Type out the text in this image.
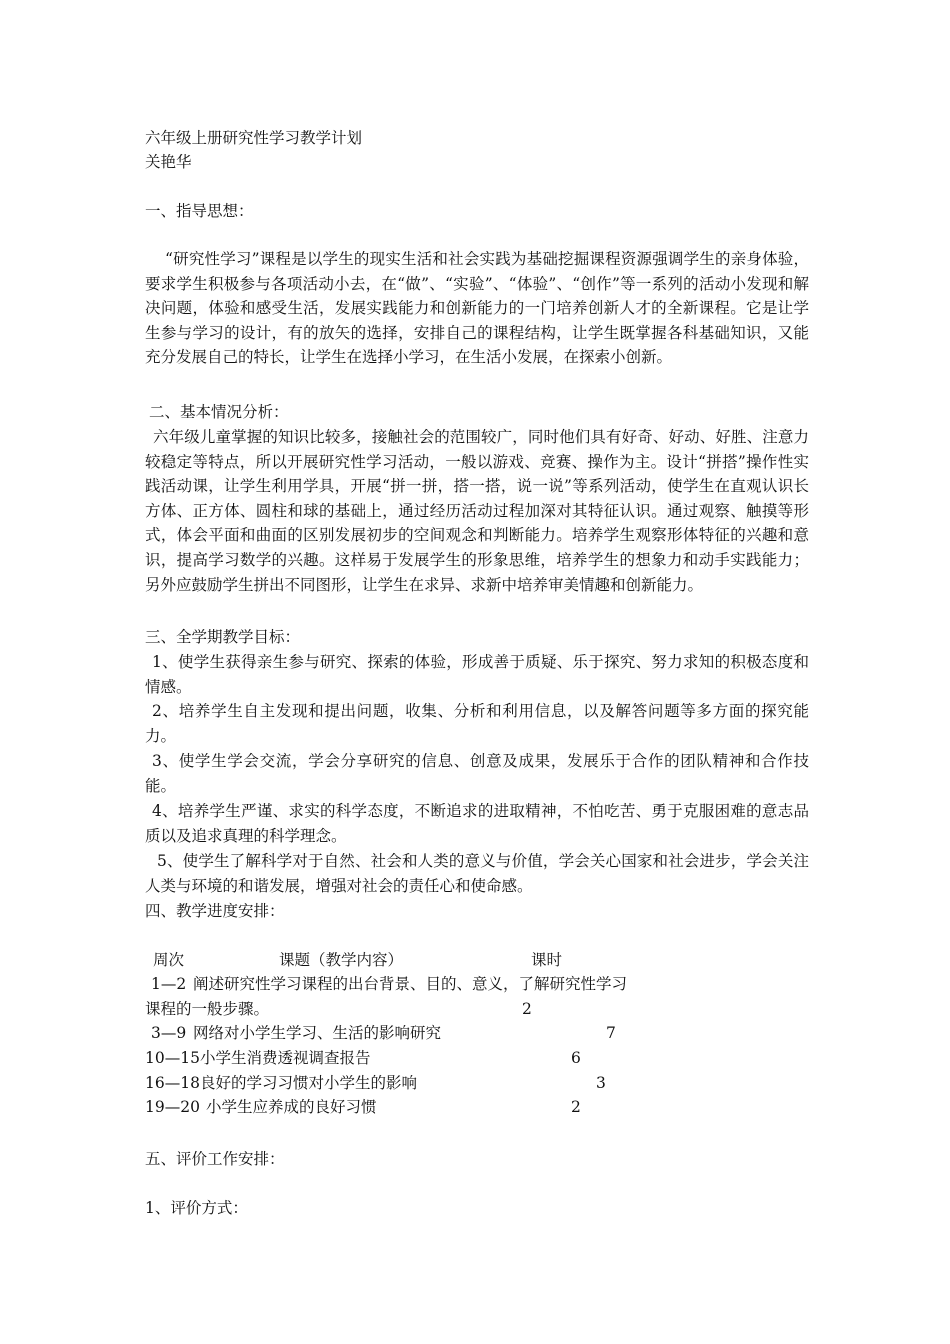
六年级上册研究性学习教学计划
关艳华
一、指导思想：

“研究性学习”课程是以学生的现实生活和社会实践为基础挖掘课程资源强调学生的亲身体验，要求学生积极参与各项活动小去，在“做”、“实验”、“体验”、“创作”等一系列的活动小发现和解决问题，体验和感受生活，发展实践能力和创新能力的一门培养创新人才的全新课程。它是让学生参与学习的设计，有的放矢的选择，安排自己的课程结构，让学生既掌握各科基础知识，又能充分发展自己的特长，让学生在选择小学习，在生活小发展，在探索小创新。

二、基本情况分析：

六年级儿童掌握的知识比较多，接触社会的范围较广，同时他们具有好奇、好动、好胜、注意力较稳定等特点，所以开展研究性学习活动，一般以游戏、竞赛、操作为主。设计“拼搭”操作性实践活动课，让学生利用学具，开展“拼一拼，搭一搭，说一说”等系列活动，使学生在直观认识长方体、正方体、圆柱和球的基础上，通过经历活动过程加深对其特征认识。通过观察、触摸等形式，体会平面和曲面的区别发展初步的空间观念和判断能力。培养学生观察形体特征的兴趣和意识，提高学习数学的兴趣。这样易于发展学生的形象思维，培养学生的想象力和动手实践能力；另外应鼓励学生拼出不同图形，让学生在求异、求新中培养审美情趣和创新能力。

三、全学期教学目标：

1、使学生获得亲生参与研究、探索的体验，形成善于质疑、乐于探究、努力求知的积极态度和情感。

2、培养学生自主发现和提出问题，收集、分析和利用信息，以及解答问题等多方面的探究能力。

3、使学生学会交流，学会分享研究的信息、创意及成果，发展乐于合作的团队精神和合作技能。

4、培养学生严谨、求实的科学态度，不断追求的进取精神，不怕吃苦、勇于克服困难的意志品质以及追求真理的科学理念。

5、使学生了解科学对于自然、社会和人类的意义与价值，学会关心国家和社会进步，学会关注人类与环境的和谐发展，增强对社会的责任心和使命感。

四、教学进度安排：
周次	课题（教学内容）	课时
1—2 阐述研究性学习课程的出台背景、目的、意义，了解研究性学习
课程的一般步骤。	2
3—9 网络对小学生学习、生活的影响研究	7
10—15 小学生消费透视调查报告	6
16—18 良好的学习习惯对小学生的影响	3
19—20 小学生应养成的良好习惯	2
五、评价工作安排：
1、评价方式：
